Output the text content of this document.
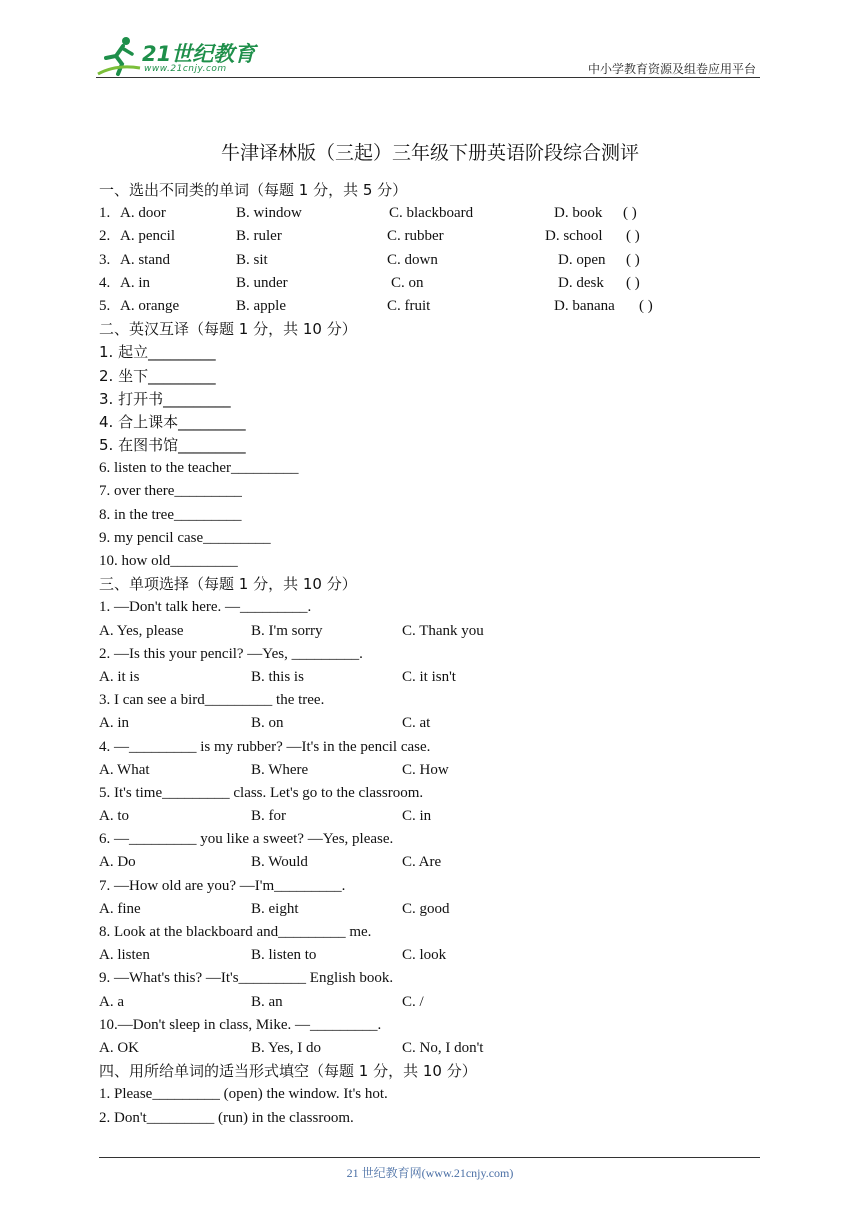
21世纪教育
www.21cnjy.com	中小学教育资源及组卷应用平台
牛津译林版（三起）三年级下册英语阶段综合测评
一、选出不同类的单词（每题 1 分，共 5 分）
1. A. door	B. window	C. blackboard	D. book ( )
2. A. pencil	B. ruler	C. rubber	D. school ( )
3. A. stand	B. sit	C. down	D. open ( )
4. A. in	B. under	C. on	D. desk ( )
5. A. orange	B. apple	C. fruit	D. banana ( )
二、英汉互译（每题 1 分，共 10 分）
1. 起立_________
2. 坐下_________
3. 打开书_________
4. 合上课本_________
5. 在图书馆_________
6. listen to the teacher_________
7. over there_________
8. in the tree_________
9. my pencil case_________
10. how old_________
三、单项选择（每题 1 分，共 10 分）
1. —Don't talk here. —_________.
A. Yes, please	B. I'm sorry	C. Thank you
2. —Is this your pencil? —Yes, _________.
A. it is	B. this is	C. it isn't
3. I can see a bird_________ the tree.
A. in	B. on	C. at
4. —_________ is my rubber? —It's in the pencil case.
A. What	B. Where	C. How
5. It's time_________ class. Let's go to the classroom.
A. to	B. for	C. in
6. —_________ you like a sweet? —Yes, please.
A. Do	B. Would	C. Are
7. —How old are you? —I'm_________.
A. fine	B. eight	C. good
8. Look at the blackboard and_________ me.
A. listen	B. listen to	C. look
9. —What's this? —It's_________ English book.
A. a	B. an	C. /
10.—Don't sleep in class, Mike. —_________.
A. OK	B. Yes, I do	C. No, I don't
四、用所给单词的适当形式填空（每题 1 分，共 10 分）
1. Please_________ (open) the window. It's hot.
2. Don't_________ (run) in the classroom.
21 世纪教育网(www.21cnjy.com)
